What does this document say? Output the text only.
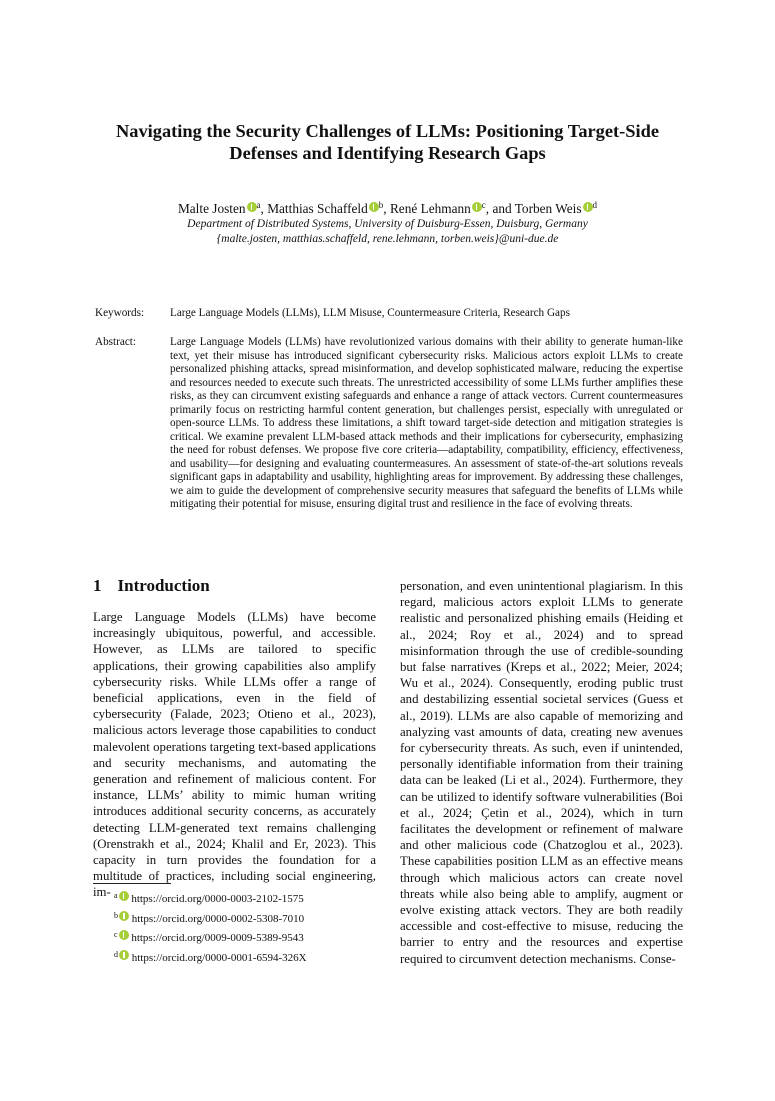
Navigating the Security Challenges of LLMs: Positioning Target-Side
Defenses and Identifying Research Gaps
Malte Josten $^a$, Matthias Schaffeld $^b$, René Lehmann $^c$, and Torben Weis $^d$
Department of Distributed Systems, University of Duisburg-Essen, Duisburg, Germany
{malte.josten, matthias.schaffeld, rene.lehmann, torben.weis}@uni-due.de
Keywords: Large Language Models (LLMs), LLM Misuse, Countermeasure Criteria, Research Gaps
Abstract:	Large Language Models (LLMs) have revolutionized various domains with their ability to generate human-like text, yet their misuse has introduced significant cybersecurity risks. Malicious actors exploit LLMs to create personalized phishing attacks, spread misinformation, and develop sophisticated malware, reducing the expertise and resources needed to execute such threats. The unrestricted accessibility of some LLMs further amplifies these risks, as they can circumvent existing safeguards and enhance a range of attack vectors. Current countermeasures primarily focus on restricting harmful content generation, but challenges persist, especially with unregulated or open-source LLMs. To address these limitations, a shift toward target-side detection and mitigation strategies is critical. We examine prevalent LLM-based attack methods and their implications for cybersecurity, emphasizing the need for robust defenses. We propose five core criteria—adaptability, compatibility, efficiency, effectiveness, and usability—for designing and evaluating countermeasures. An assessment of state-of-the-art solutions reveals significant gaps in adaptability and usability, highlighting areas for improvement. By addressing these challenges, we aim to guide the development of comprehensive security measures that safeguard the benefits of LLMs while mitigating their potential for misuse, ensuring digital trust and resilience in the face of evolving threats.
1 Introduction
Large Language Models (LLMs) have become increasingly ubiquitous, powerful, and accessible. However, as LLMs are tailored to specific applications, their growing capabilities also amplify cybersecurity risks. While LLMs offer a range of beneficial applications, even in the field of cybersecurity (Falade, 2023; Otieno et al., 2023), malicious actors leverage those capabilities to conduct malevolent operations targeting text-based applications and security mechanisms, and automating the generation and refinement of malicious content. For instance, LLMs’ ability to mimic human writing introduces additional security concerns, as accurately detecting LLM-generated text remains challenging (Orenstrakh et al., 2024; Khalil and Er, 2023). This capacity in turn provides the foundation for a multitude of practices, including social engineering, im-
personation, and even unintentional plagiarism. In this regard, malicious actors exploit LLMs to generate realistic and personalized phishing emails (Heiding et al., 2024; Roy et al., 2024) and to spread misinformation through the use of credible-sounding but false narratives (Kreps et al., 2022; Meier, 2024; Wu et al., 2024). Consequently, eroding public trust and destabilizing essential societal services (Guess et al., 2019). LLMs are also capable of memorizing and analyzing vast amounts of data, creating new avenues for cybersecurity threats. As such, even if unintended, personally identifiable information from their training data can be leaked (Li et al., 2024). Furthermore, they can be utilized to identify software vulnerabilities (Boi et al., 2024; Çetin et al., 2024), which in turn facilitates the development or refinement of malware and other malicious code (Chatzoglou et al., 2023). These capabilities position LLM as an effective means through which malicious actors can create novel threats while also being able to amplify, augment or evolve existing attack vectors. They are both readily accessible and cost-effective to misuse, reducing the barrier to entry and the resources and expertise required to circumvent detection mechanisms. Conse-
$^a$ https://orcid.org/0000-0003-2102-1575
$^b$ https://orcid.org/0000-0002-5308-7010
$^c$ https://orcid.org/0009-0009-5389-9543
$^d$ https://orcid.org/0000-0001-6594-326X
